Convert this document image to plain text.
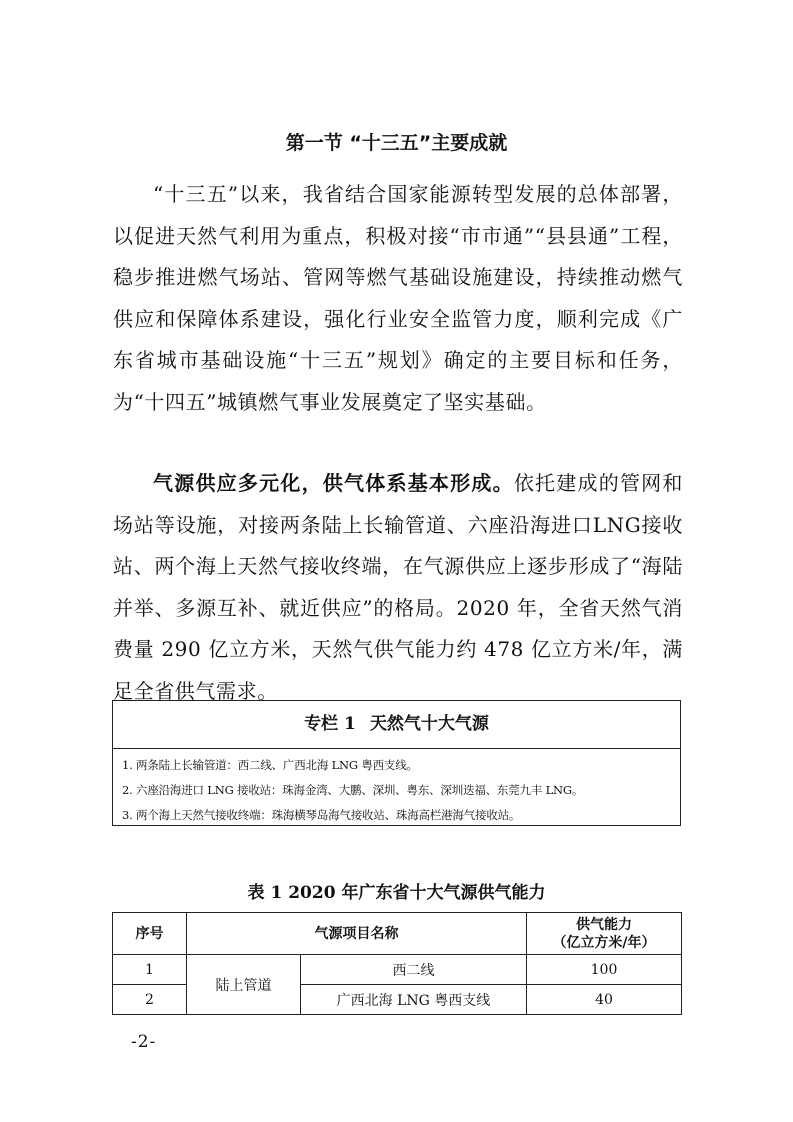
第一节 “十三五”主要成就

“十三五”以来，我省结合国家能源转型发展的总体部署，以促进天然气利用为重点，积极对接“市市通”“县县通”工程，稳步推进燃气场站、管网等燃气基础设施建设，持续推动燃气供应和保障体系建设，强化行业安全监管力度，顺利完成《广东省城市基础设施“十三五”规划》确定的主要目标和任务，为“十四五”城镇燃气事业发展奠定了坚实基础。

气源供应多元化，供气体系基本形成。依托建成的管网和场站等设施，对接两条陆上长输管道、六座沿海进口LNG接收站、两个海上天然气接收终端，在气源供应上逐步形成了“海陆并举、多源互补、就近供应”的格局。2020 年，全省天然气消费量 290 亿立方米，天然气供气能力约 478 亿立方米/年，满足全省供气需求。

专栏 1 天然气十大气源
1. 两条陆上长输管道：西二线、广西北海 LNG 粤西支线。
2. 六座沿海进口 LNG 接收站：珠海金湾、大鹏、深圳、粤东、深圳迭福、东莞九丰 LNG。
3. 两个海上天然气接收终端：珠海横琴岛海气接收站、珠海高栏港海气接收站。
表 1 2020 年广东省十大气源供气能力
序号	气源项目名称		供气能力
（亿立方米/年）
1	陆上管道	西二线	100
2		广西北海 LNG 粤西支线	40
-2-
